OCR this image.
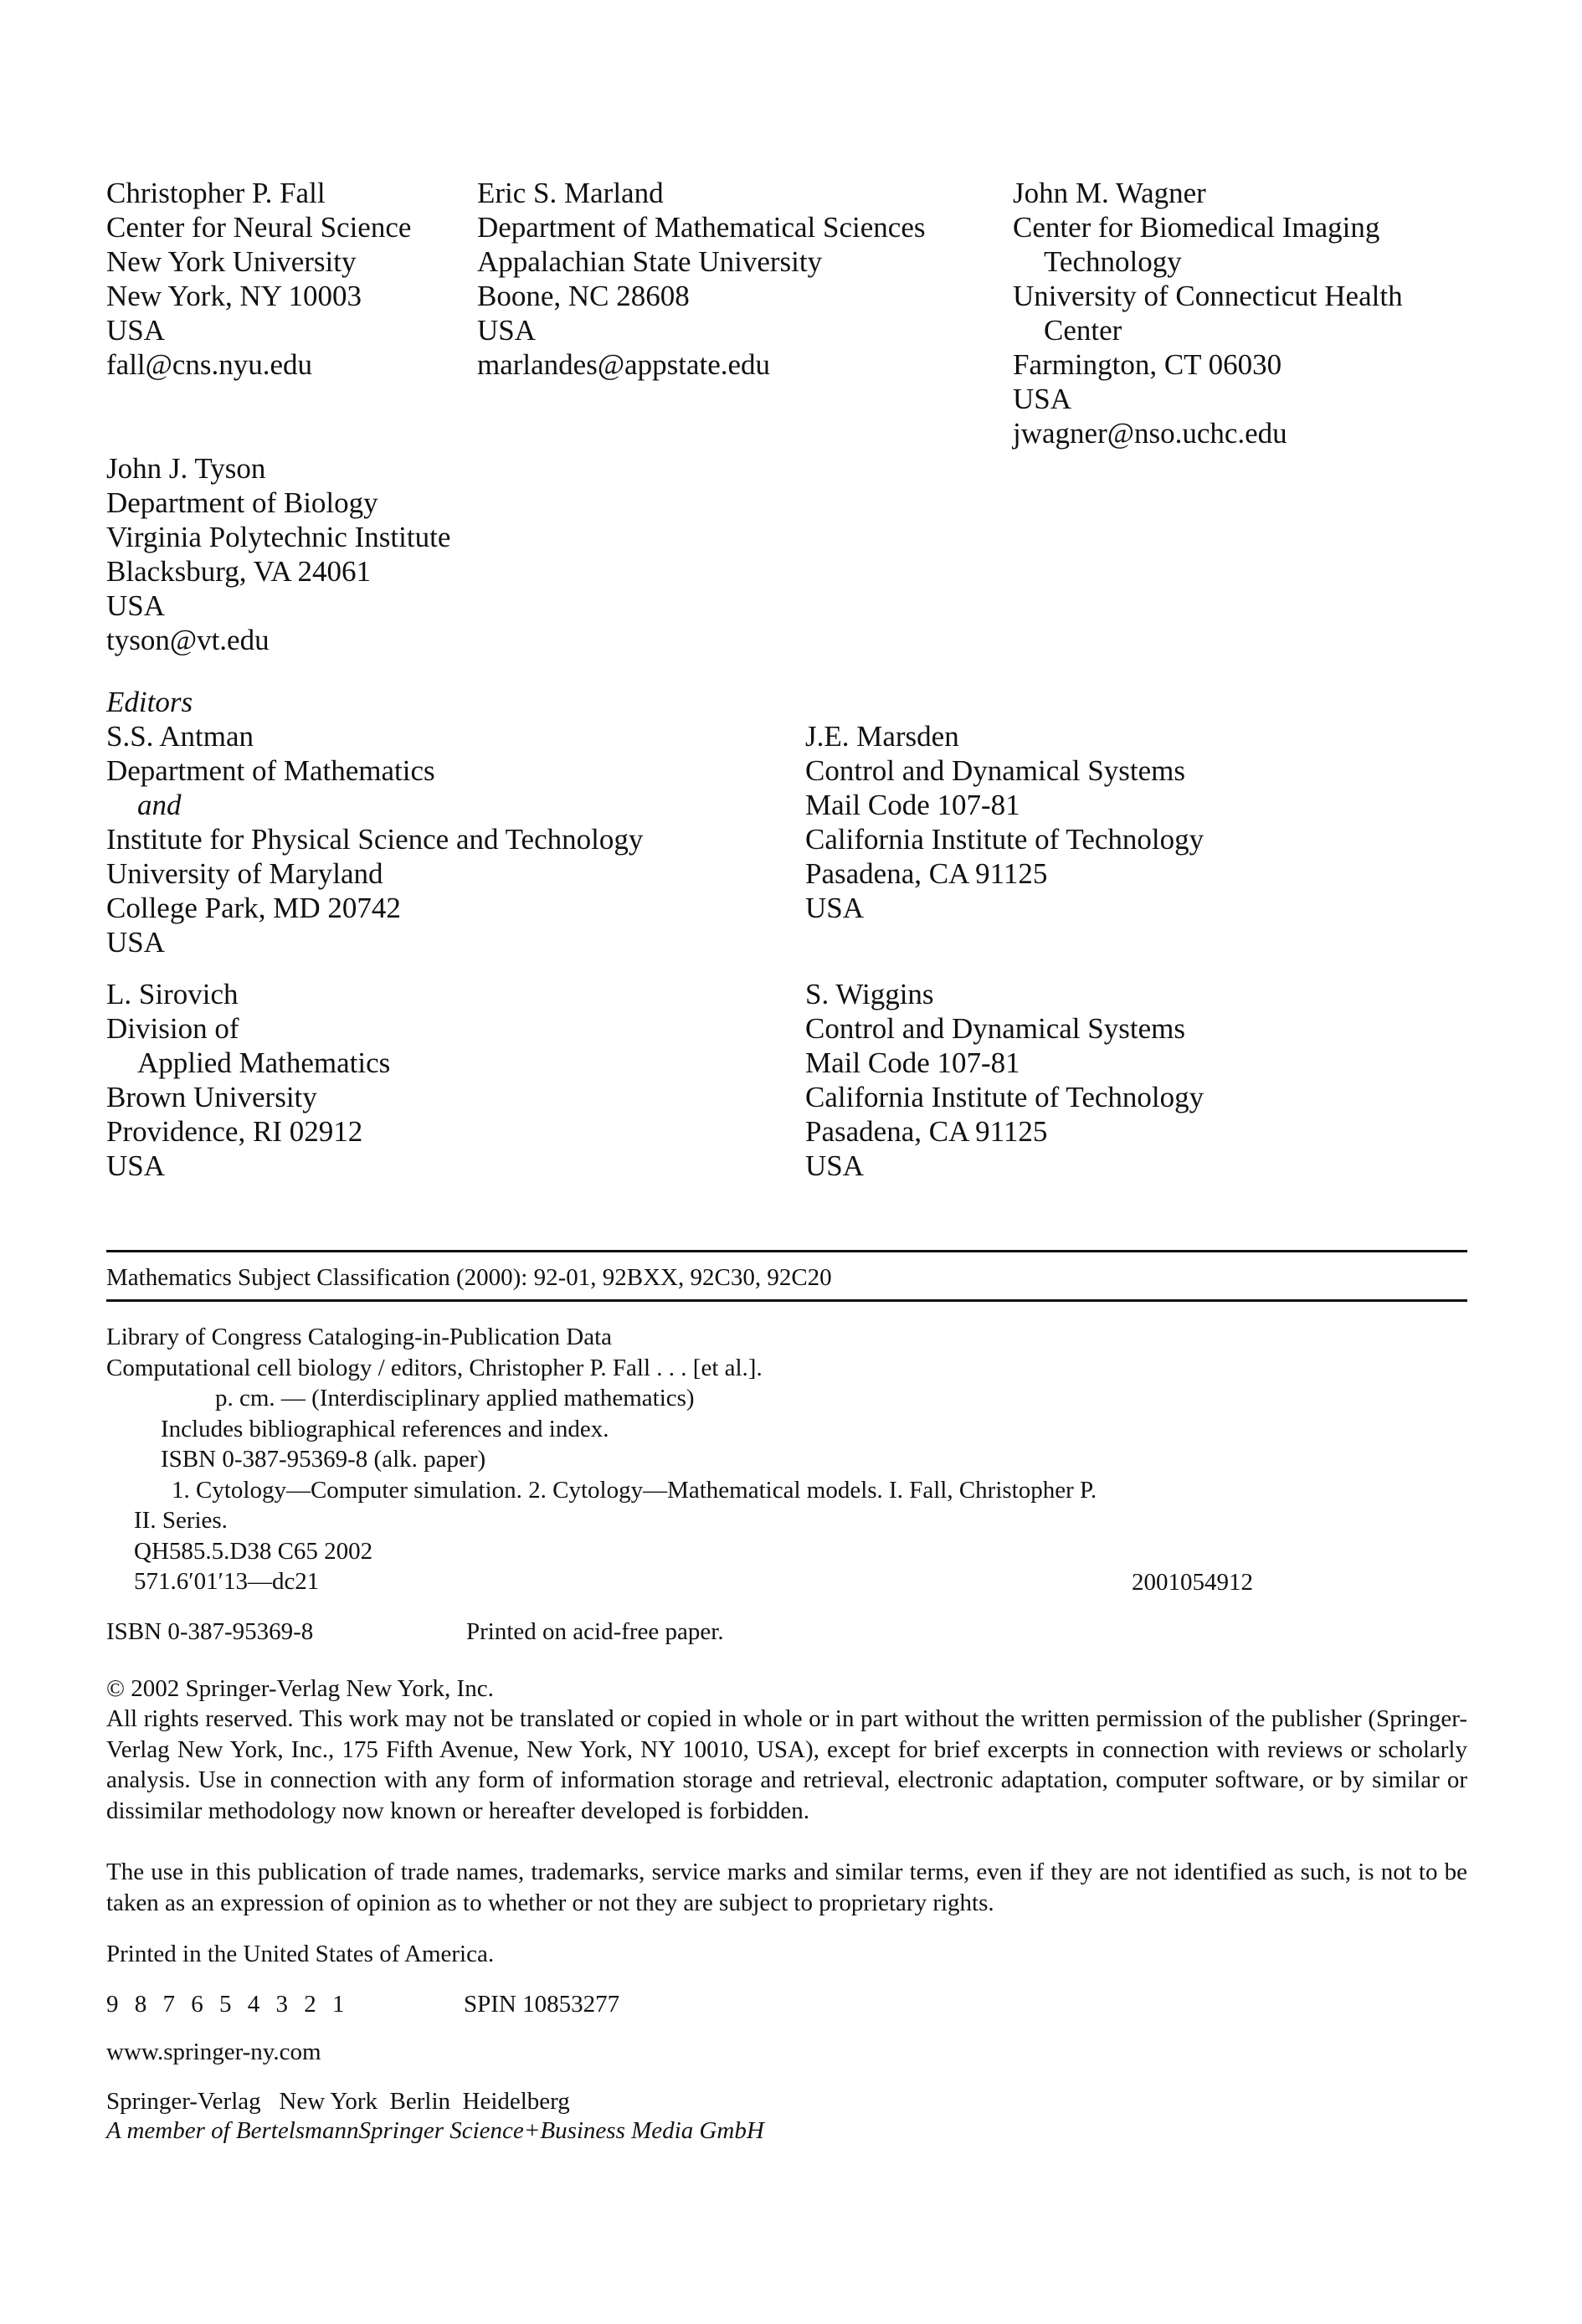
Christopher P. Fall
Center for Neural Science
New York University
New York, NY 10003
USA
fall@cns.nyu.edu
Eric S. Marland
Department of Mathematical Sciences
Appalachian State University
Boone, NC 28608
USA
marlandes@appstate.edu
John M. Wagner
Center for Biomedical Imaging
Technology
University of Connecticut Health
Center
Farmington, CT 06030
USA
jwagner@nso.uchc.edu
John J. Tyson
Department of Biology
Virginia Polytechnic Institute
Blacksburg, VA 24061
USA
tyson@vt.edu
Editors
S.S. Antman
Department of Mathematics
and
Institute for Physical Science and Technology
University of Maryland
College Park, MD 20742
USA
J.E. Marsden
Control and Dynamical Systems
Mail Code 107-81
California Institute of Technology
Pasadena, CA 91125
USA
L. Sirovich
Division of
Applied Mathematics
Brown University
Providence, RI 02912
USA
S. Wiggins
Control and Dynamical Systems
Mail Code 107-81
California Institute of Technology
Pasadena, CA 91125
USA
Mathematics Subject Classification (2000): 92-01, 92BXX, 92C30, 92C20
Library of Congress Cataloging-in-Publication Data
Computational cell biology / editors, Christopher P. Fall . . . [et al.].
p. cm. — (Interdisciplinary applied mathematics)
Includes bibliographical references and index.
ISBN 0-387-95369-8 (alk. paper)
1. Cytology—Computer simulation. 2. Cytology—Mathematical models. I. Fall, Christopher P.
II. Series.
QH585.5.D38 C65 2002
571.6′01′13—dc21	2001054912
ISBN 0-387-95369-8	Printed on acid-free paper.
© 2002 Springer-Verlag New York, Inc.
All rights reserved. This work may not be translated or copied in whole or in part without the written permission of the publisher (Springer-Verlag New York, Inc., 175 Fifth Avenue, New York, NY 10010, USA), except for brief excerpts in connection with reviews or scholarly analysis. Use in connection with any form of information storage and retrieval, electronic adaptation, computer software, or by similar or dissimilar methodology now known or hereafter developed is forbidden.
The use in this publication of trade names, trademarks, service marks and similar terms, even if they are not identified as such, is not to be taken as an expression of opinion as to whether or not they are subject to proprietary rights.
Printed in the United States of America.
9 8 7 6 5 4 3 2 1	SPIN 10853277
www.springer-ny.com
Springer-Verlag   New York  Berlin  Heidelberg
A member of BertelsmannSpringer Science+Business Media GmbH
